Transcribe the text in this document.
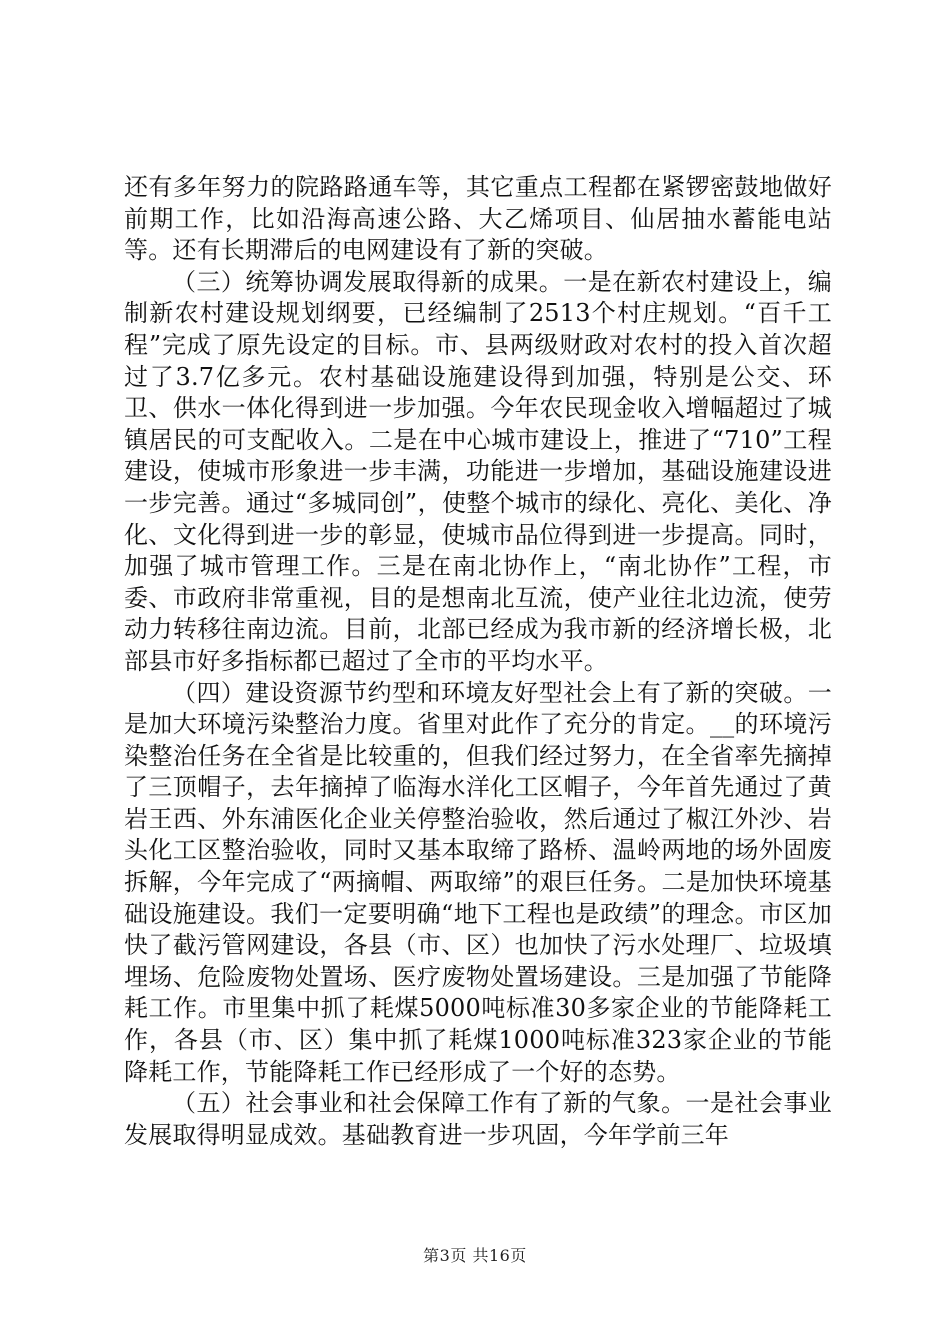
还有多年努力的院路路通车等，其它重点工程都在紧锣密鼓地做好前期工作，比如沿海高速公路、大乙烯项目、仙居抽水蓄能电站等。还有长期滞后的电网建设有了新的突破。

（三）统筹协调发展取得新的成果。一是在新农村建设上，编制新农村建设规划纲要，已经编制了2513个村庄规划。“百千工程”完成了原先设定的目标。市、县两级财政对农村的投入首次超过了3.7亿多元。农村基础设施建设得到加强，特别是公交、环卫、供水一体化得到进一步加强。今年农民现金收入增幅超过了城镇居民的可支配收入。二是在中心城市建设上，推进了“710”工程建设，使城市形象进一步丰满，功能进一步增加，基础设施建设进一步完善。通过“多城同创”，使整个城市的绿化、亮化、美化、净化、文化得到进一步的彰显，使城市品位得到进一步提高。同时，加强了城市管理工作。三是在南北协作上，“南北协作”工程，市委、市政府非常重视，目的是想南北互流，使产业往北边流，使劳动力转移往南边流。目前，北部已经成为我市新的经济增长极，北部县市好多指标都已超过了全市的平均水平。

（四）建设资源节约型和环境友好型社会上有了新的突破。一是加大环境污染整治力度。省里对此作了充分的肯定。__的环境污染整治任务在全省是比较重的，但我们经过努力，在全省率先摘掉了三顶帽子，去年摘掉了临海水洋化工区帽子，今年首先通过了黄岩王西、外东浦医化企业关停整治验收，然后通过了椒江外沙、岩头化工区整治验收，同时又基本取缔了路桥、温岭两地的场外固废拆解，今年完成了“两摘帽、两取缔”的艰巨任务。二是加快环境基础设施建设。我们一定要明确“地下工程也是政绩”的理念。市区加快了截污管网建设，各县（市、区）也加快了污水处理厂、垃圾填埋场、危险废物处置场、医疗废物处置场建设。三是加强了节能降耗工作。市里集中抓了耗煤5000吨标准30多家企业的节能降耗工作，各县（市、区）集中抓了耗煤1000吨标准323家企业的节能降耗工作，节能降耗工作已经形成了一个好的态势。

（五）社会事业和社会保障工作有了新的气象。一是社会事业发展取得明显成效。基础教育进一步巩固，今年学前三年

第3页 共16页
